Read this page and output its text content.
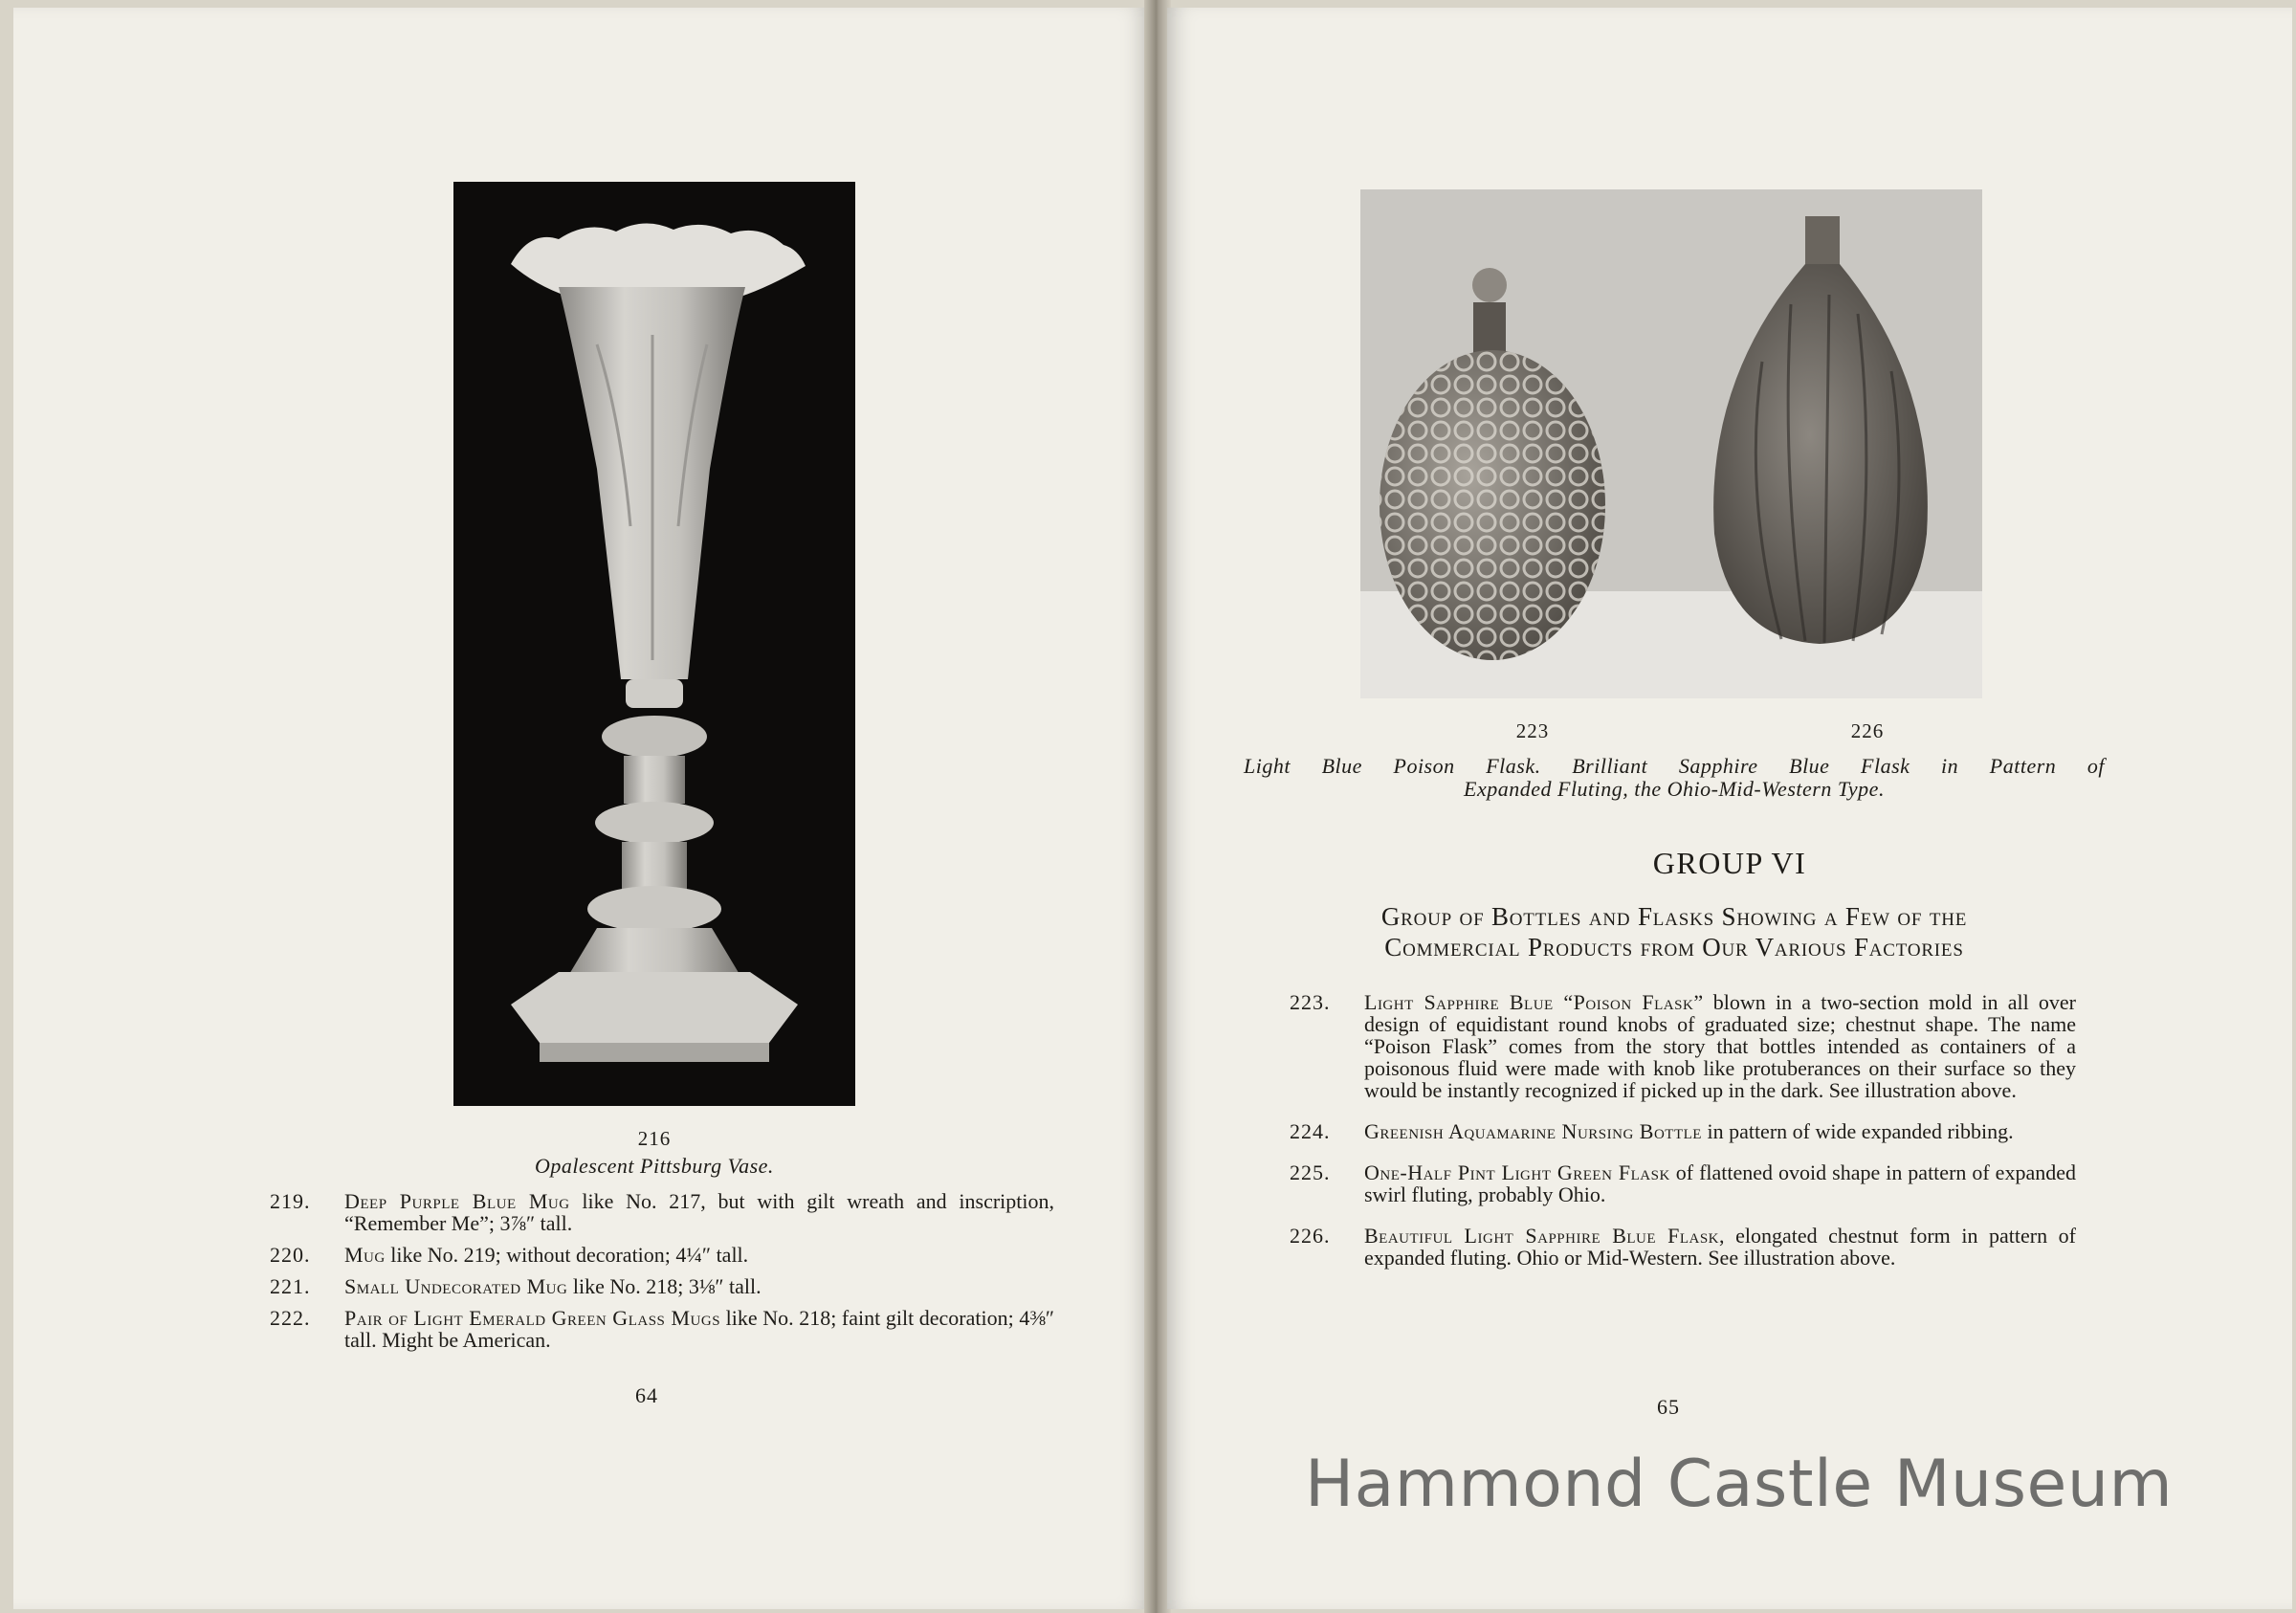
216
Opalescent Pittsburg Vase.
219.	Deep Purple Blue Mug like No. 217, but with gilt wreath and inscription, “Remember Me”; 3⅞″ tall.
220.	Mug like No. 219; without decoration; 4¼″ tall.
221.	Small Undecorated Mug like No. 218; 3⅛″ tall.
222.	Pair of Light Emerald Green Glass Mugs like No. 218; faint gilt decoration; 4⅜″ tall. Might be American.
64
223	226
Light Blue Poison Flask. Brilliant Sapphire Blue Flask in Pattern of
Expanded Fluting, the Ohio-Mid-Western Type.
GROUP VI
Group of Bottles and Flasks Showing a Few of the
Commercial Products from Our Various Factories
223.	Light Sapphire Blue “Poison Flask” blown in a two-section mold in all over design of equidistant round knobs of graduated size; chestnut shape. The name “Poison Flask” comes from the story that bottles intended as containers of a poisonous fluid were made with knob like protuberances on their surface so they would be instantly recognized if picked up in the dark. See illustration above.
224.	Greenish Aquamarine Nursing Bottle in pattern of wide expanded ribbing.
225.	One-Half Pint Light Green Flask of flattened ovoid shape in pattern of expanded swirl fluting, probably Ohio.
226.	Beautiful Light Sapphire Blue Flask, elongated chestnut form in pattern of expanded fluting. Ohio or Mid-Western. See illustration above.
65
Hammond Castle Museum
